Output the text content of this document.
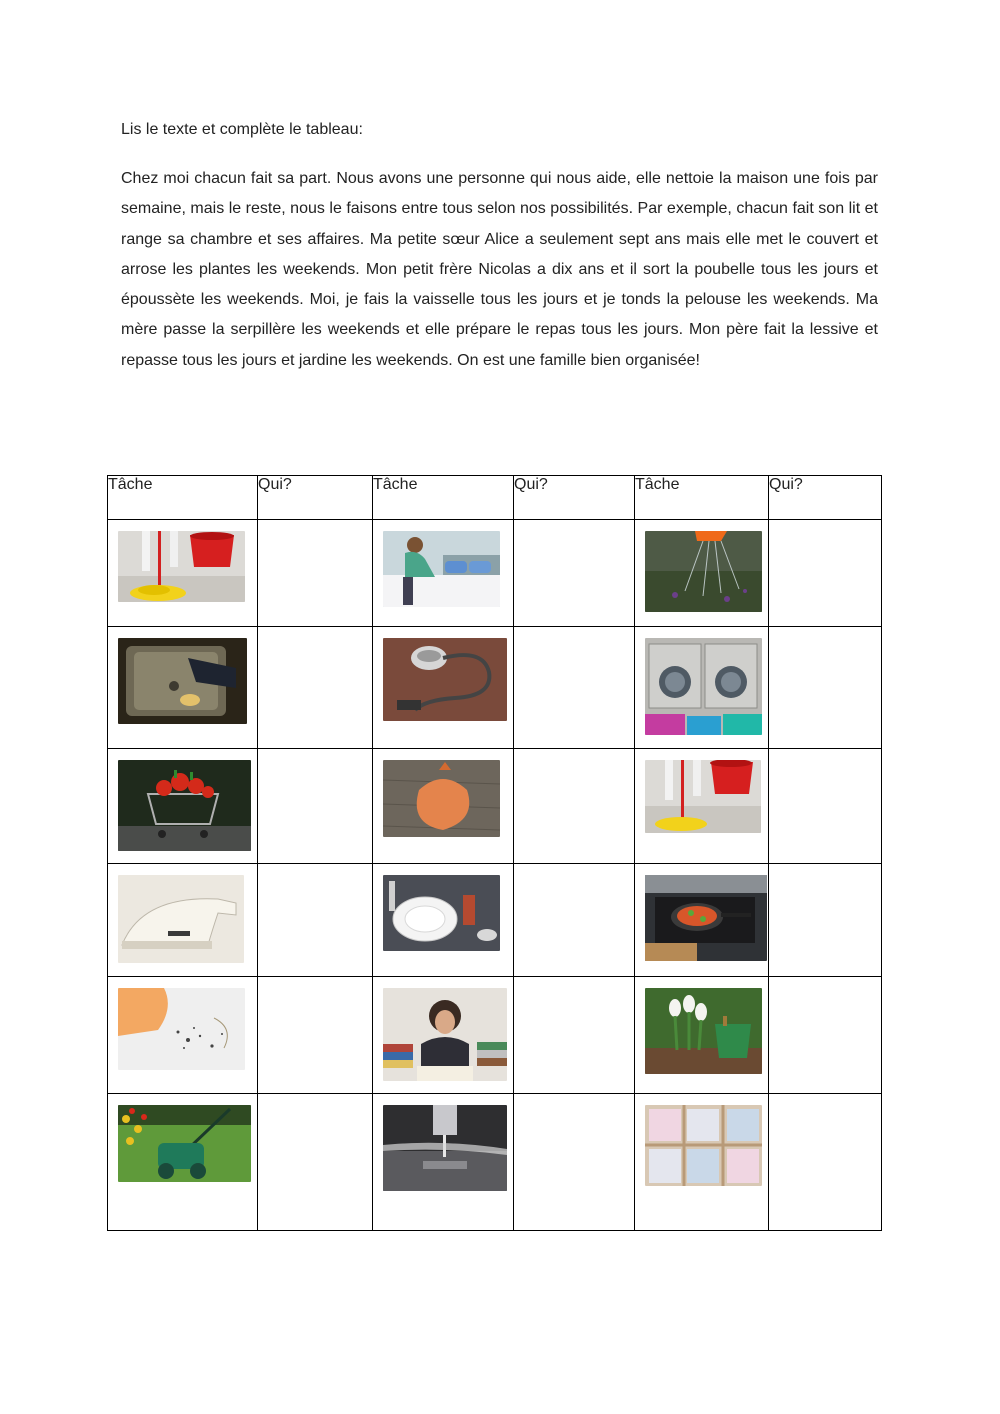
Lis le texte et complète le tableau:

Chez moi chacun fait sa part. Nous avons une personne qui nous aide, elle nettoie la maison une fois par semaine, mais le reste, nous le faisons entre tous selon nos possibilités. Par exemple, chacun fait son lit et range sa chambre et ses affaires. Ma petite sœur Alice a seulement sept ans mais elle met le couvert et arrose les plantes les weekends. Mon petit frère Nicolas a dix ans et il sort la poubelle tous les jours et époussète les weekends. Moi, je fais la vaisselle tous les jours et je tonds la pelouse les weekends. Ma mère passe la serpillère les weekends et elle prépare le repas tous les jours. Mon père fait la lessive et repasse tous les jours et jardine les weekends. On est une famille bien organisée!

Tâche	Qui?	Tâche	Qui?	Tâche	Qui?
